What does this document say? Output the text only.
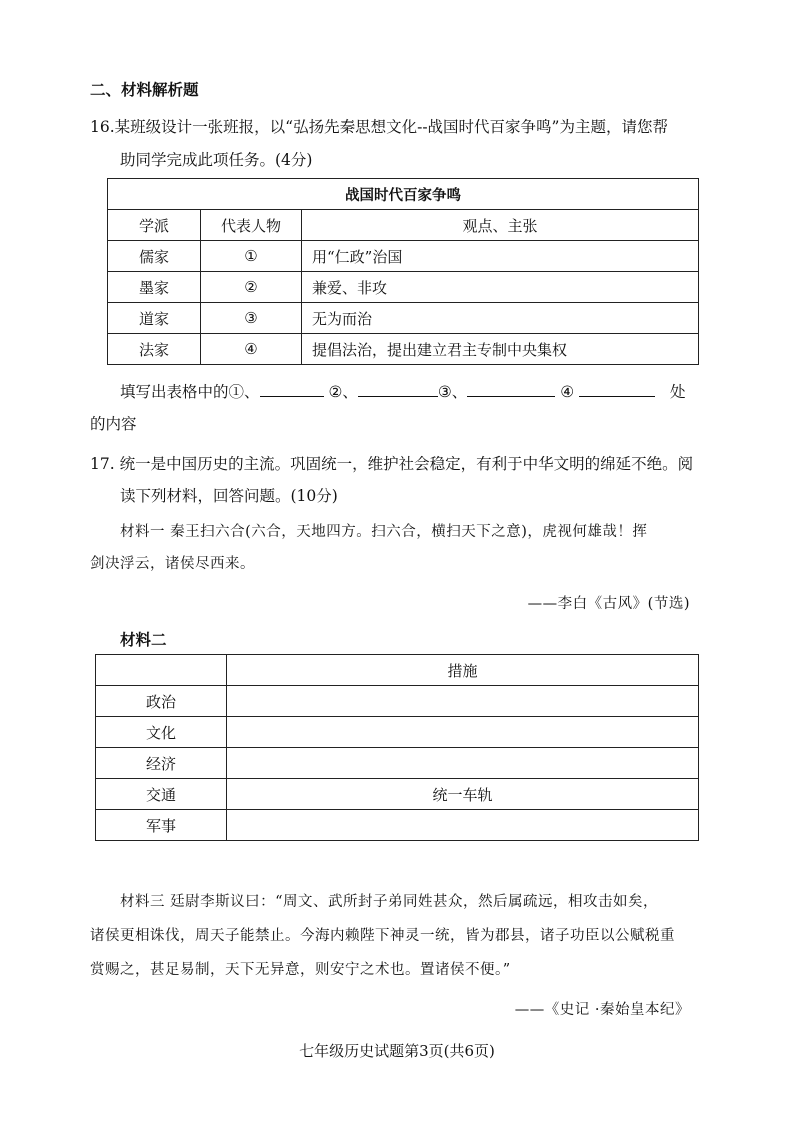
二、材料解析题
16.某班级设计一张班报，以“弘扬先秦思想文化--战国时代百家争鸣”为主题，请您帮
助同学完成此项任务。(4分)
战国时代百家争鸣		
学派	代表人物	观点、主张
儒家	①	用“仁政”治国
墨家	②	兼爱、非攻
道家	③	无为而治
法家	④	提倡法治，提出建立君主专制中央集权
填写出表格中的①、	②、	③、	④	处
的内容
17. 统一是中国历史的主流。巩固统一，维护社会稳定，有利于中华文明的绵延不绝。阅
读下列材料，回答问题。(10分)
材料一 秦王扫六合(六合，天地四方。扫六合，横扫天下之意)，虎视何雄哉！挥
剑决浮云，诸侯尽西来。
——李白《古风》(节选)
材料二
	措施
政治	
文化	
经济	
交通	统一车轨
军事	
材料三 廷尉李斯议曰：“周文、武所封子弟同姓甚众，然后属疏远，相攻击如矣，
诸侯更相诛伐，周天子能禁止。今海内赖陛下神灵一统，皆为郡县，诸子功臣以公赋税重
赏赐之，甚足易制，天下无异意，则安宁之术也。置诸侯不便。”
——《史记 ·秦始皇本纪》
七年级历史试题第3页(共6页)
